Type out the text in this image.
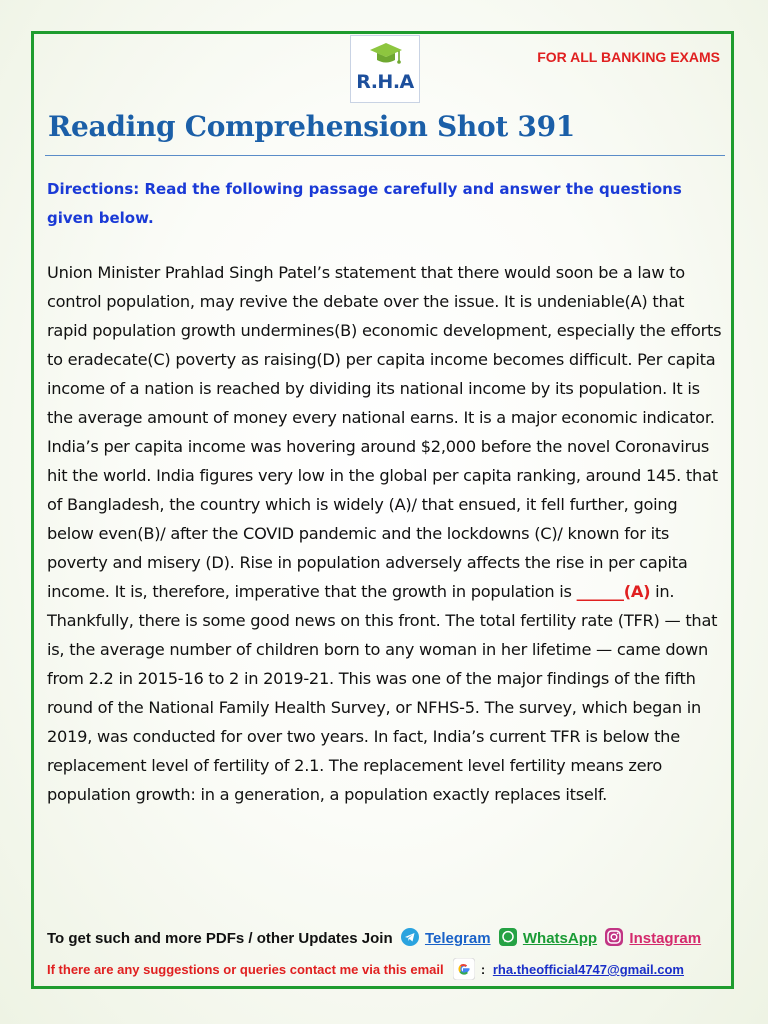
R.H.A
FOR ALL BANKING EXAMS
Reading Comprehension Shot 391
Directions: Read the following passage carefully and answer the questions given below.
Union Minister Prahlad Singh Patel’s statement that there would soon be a law to control population, may revive the debate over the issue. It is undeniable(A) that rapid population growth undermines(B) economic development, especially the efforts to eradecate(C) poverty as raising(D) per capita income becomes difficult. Per capita income of a nation is reached by dividing its national income by its population. It is the average amount of money every national earns. It is a major economic indicator. India’s per capita income was hovering around $2,000 before the novel Coronavirus hit the world. India figures very low in the global per capita ranking, around 145. that of Bangladesh, the country which is widely (A)/ that ensued, it fell further, going below even(B)/ after the COVID pandemic and the lockdowns (C)/ known for its poverty and misery (D). Rise in population adversely affects the rise in per capita income. It is, therefore, imperative that the growth in population is ______(A) in. Thankfully, there is some good news on this front. The total fertility rate (TFR) — that is, the average number of children born to any woman in her lifetime — came down from 2.2 in 2015-16 to 2 in 2019-21. This was one of the major findings of the fifth round of the National Family Health Survey, or NFHS-5. The survey, which began in 2019, was conducted for over two years. In fact, India’s current TFR is below the replacement level of fertility of 2.1. The replacement level fertility means zero population growth: in a generation, a population exactly replaces itself.
To get such and more PDFs / other Updates Join Telegram WhatsApp Instagram
If there are any suggestions or queries contact me via this email	: rha.theofficial4747@gmail.com
